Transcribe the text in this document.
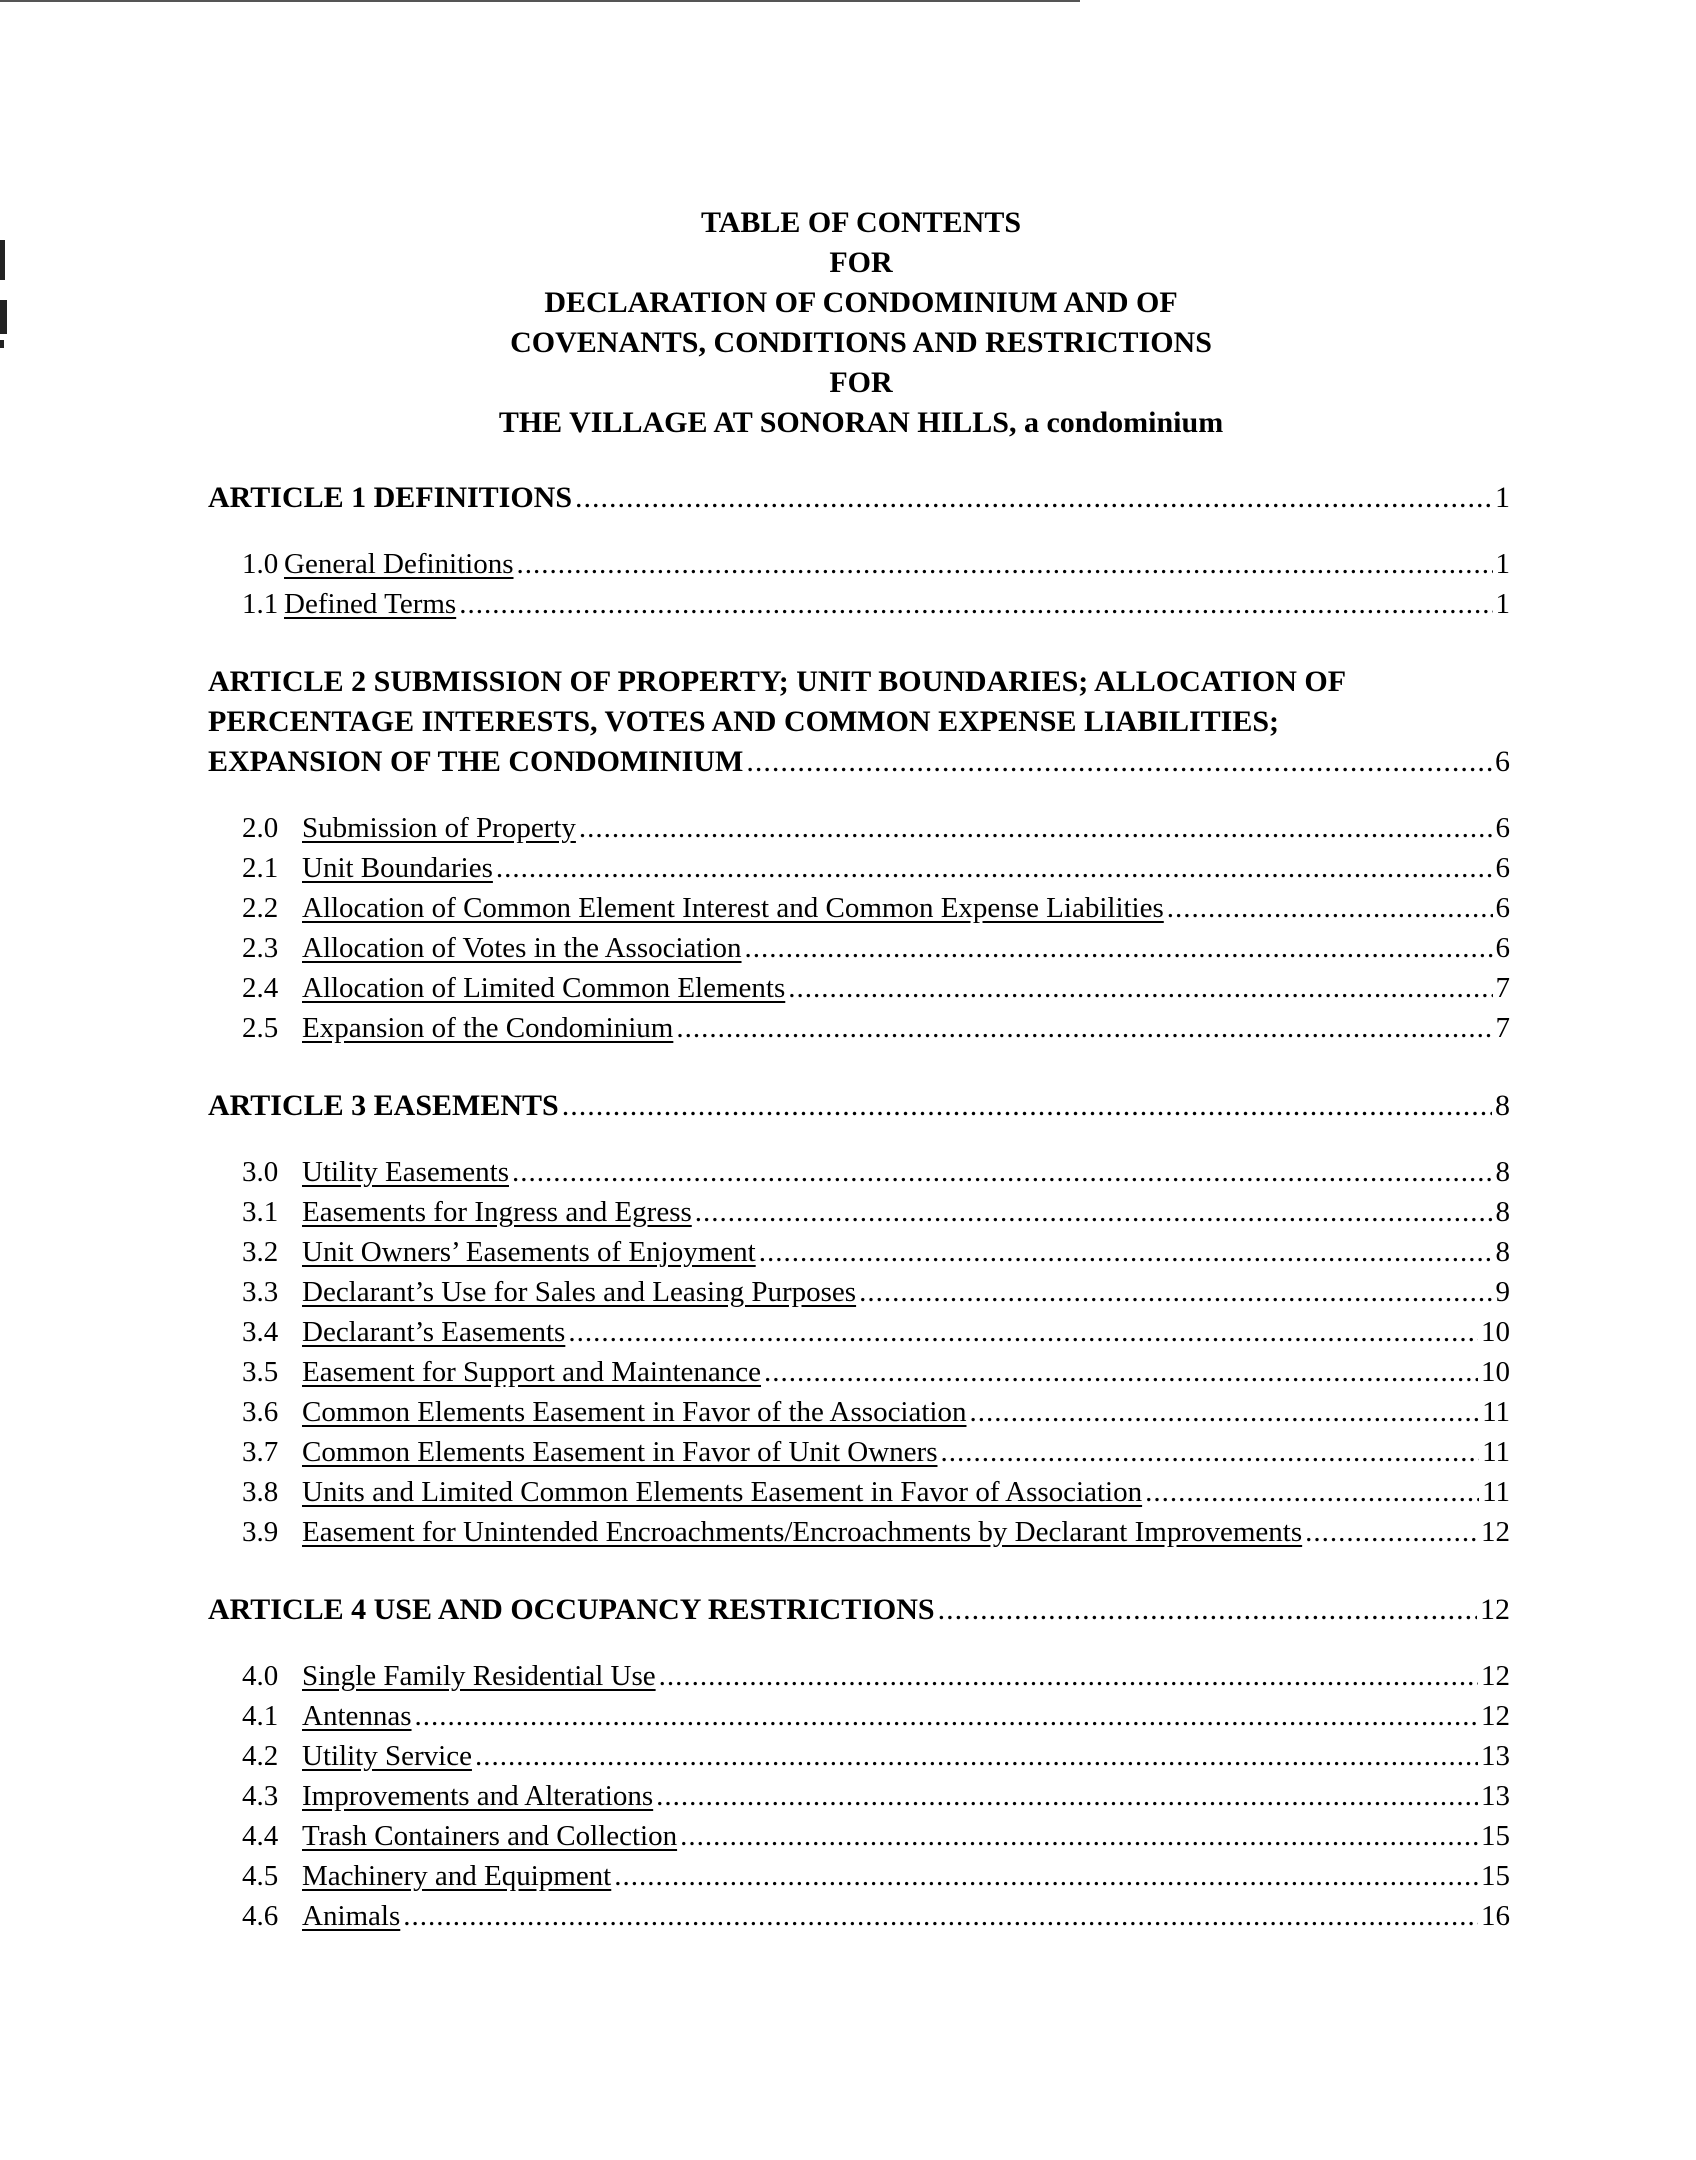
TABLE OF CONTENTS
FOR
DECLARATION OF CONDOMINIUM AND OF
COVENANTS, CONDITIONS AND RESTRICTIONS
FOR
THE VILLAGE AT SONORAN HILLS, a condominium
ARTICLE 1 DEFINITIONS .....	1
1.0 General Definitions .....	1
1.1 Defined Terms .....	1
ARTICLE 2 SUBMISSION OF PROPERTY; UNIT BOUNDARIES; ALLOCATION OF
PERCENTAGE INTERESTS, VOTES AND COMMON EXPENSE LIABILITIES;
EXPANSION OF THE CONDOMINIUM .....	6
2.0 Submission of Property .....	6
2.1 Unit Boundaries .....	6
2.2 Allocation of Common Element Interest and Common Expense Liabilities .....	6
2.3 Allocation of Votes in the Association .....	6
2.4 Allocation of Limited Common Elements .....	7
2.5 Expansion of the Condominium .....	7
ARTICLE 3 EASEMENTS .....	8
3.0 Utility Easements .....	8
3.1 Easements for Ingress and Egress .....	8
3.2 Unit Owners’ Easements of Enjoyment .....	8
3.3 Declarant’s Use for Sales and Leasing Purposes .....	9
3.4 Declarant’s Easements .....	10
3.5 Easement for Support and Maintenance .....	10
3.6 Common Elements Easement in Favor of the Association .....	11
3.7 Common Elements Easement in Favor of Unit Owners .....	11
3.8 Units and Limited Common Elements Easement in Favor of Association .....	11
3.9 Easement for Unintended Encroachments/Encroachments by Declarant Improvements .....	12
ARTICLE 4 USE AND OCCUPANCY RESTRICTIONS .....	12
4.0 Single Family Residential Use .....	12
4.1 Antennas .....	12
4.2 Utility Service .....	13
4.3 Improvements and Alterations .....	13
4.4 Trash Containers and Collection .....	15
4.5 Machinery and Equipment .....	15
4.6 Animals .....	16
